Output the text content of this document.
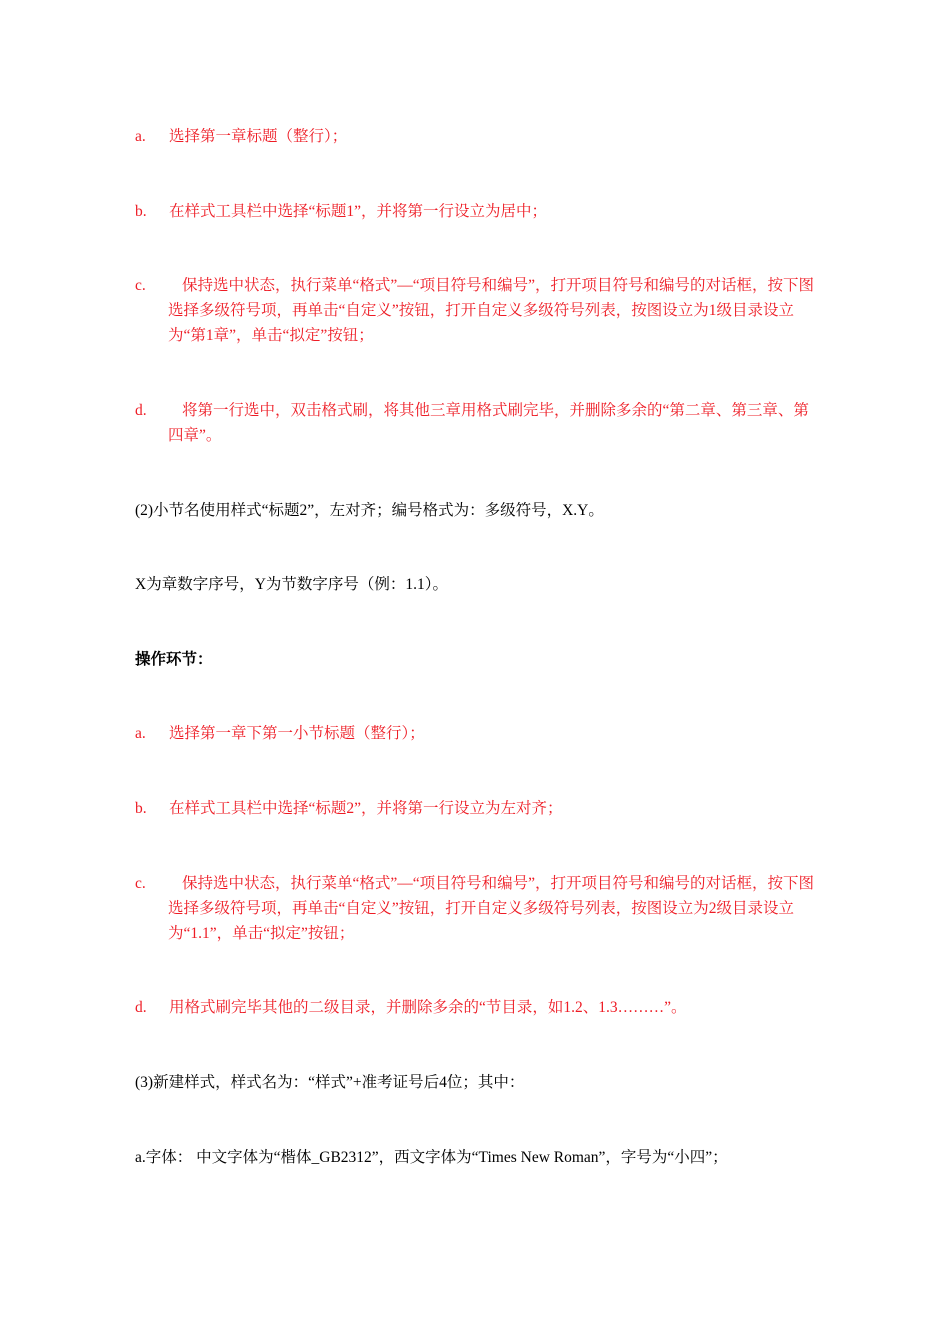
a.	选择第一章标题（整行）；
b.	在样式工具栏中选择“标题1”，并将第一行设立为居中；
c.	保持选中状态，执行菜单“格式”—“项目符号和编号”，打开项目符号和编号的对话框，按下图选择多级符号项，再单击“自定义”按钮，打开自定义多级符号列表，按图设立为1级目录设立为“第1章”，单击“拟定”按钮；
d.	将第一行选中，双击格式刷，将其他三章用格式刷完毕，并删除多余的“第二章、第三章、第四章”。
(2)小节名使用样式“标题2”，左对齐；编号格式为：多级符号，X.Y。
X为章数字序号，Y为节数字序号（例：1.1）。
操作环节：
a.	选择第一章下第一小节标题（整行）；
b.	在样式工具栏中选择“标题2”，并将第一行设立为左对齐；
c.	保持选中状态，执行菜单“格式”—“项目符号和编号”，打开项目符号和编号的对话框，按下图选择多级符号项，再单击“自定义”按钮，打开自定义多级符号列表，按图设立为2级目录设立为“1.1”，单击“拟定”按钮；
d.	用格式刷完毕其他的二级目录，并删除多余的“节目录，如1.2、1.3………”。
(3)新建样式，样式名为：“样式”+准考证号后4位；其中：
a.字体： 中文字体为“楷体_GB2312”，西文字体为“Times New Roman”，字号为“小四”；
